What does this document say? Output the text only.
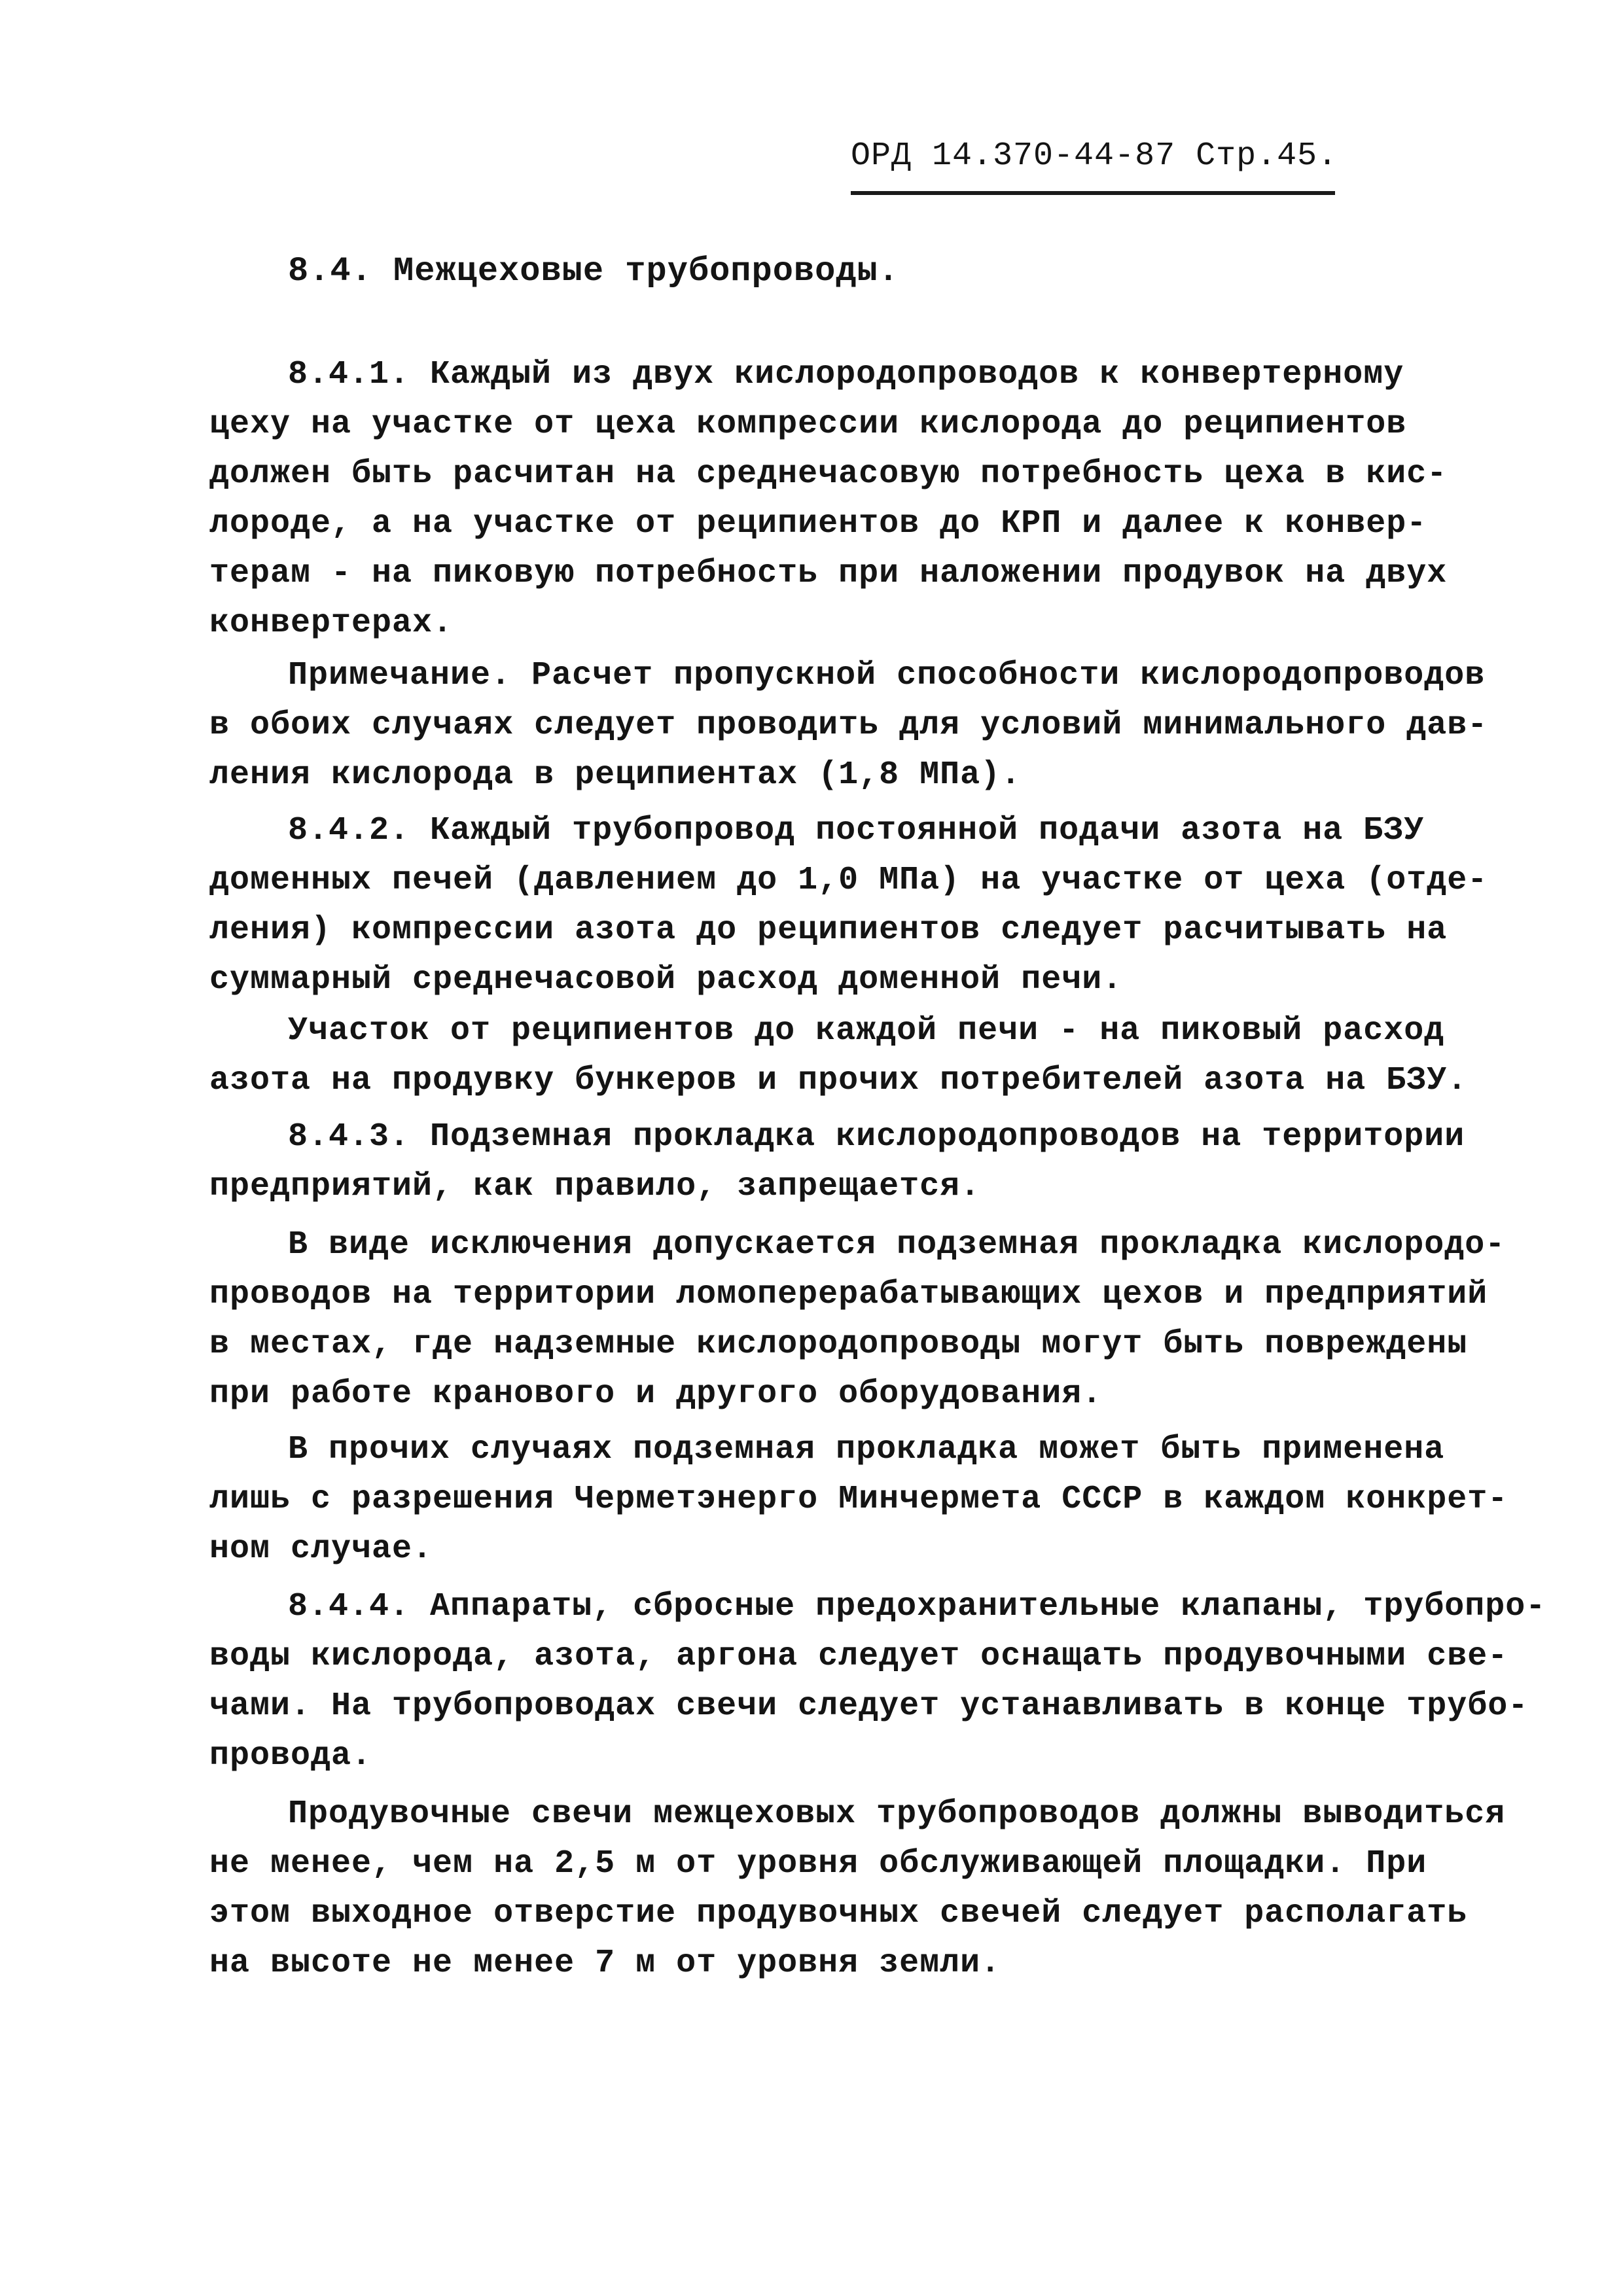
ОРД 14.370-44-87 Стр.45.
8.4. Межцеховые трубопроводы.

8.4.1. Каждый из двух кислородопроводов к конвертерному
цеху на участке от цеха компрессии кислорода до реципиентов
должен быть расчитан на среднечасовую потребность цеха в кис-
лороде, а на участке от реципиентов до КРП и далее к конвер-
терам - на пиковую потребность при наложении продувок на двух
конвертерах.

Примечание. Расчет пропускной способности кислородопроводов
в обоих случаях следует проводить для условий минимального дав-
ления кислорода в реципиентах (1,8 МПа).

8.4.2. Каждый трубопровод постоянной подачи азота на БЗУ
доменных печей (давлением до 1,0 МПа) на участке от цеха (отде-
ления) компрессии азота до реципиентов следует расчитывать на
суммарный среднечасовой расход доменной печи.

Участок от реципиентов до каждой печи - на пиковый расход
азота на продувку бункеров и прочих потребителей азота на БЗУ.

8.4.3. Подземная прокладка кислородопроводов на территории
предприятий, как правило, запрещается.

В виде исключения допускается подземная прокладка кислородо-
проводов на территории ломоперерабатывающих цехов и предприятий
в местах, где надземные кислородопроводы могут быть повреждены
при работе кранового и другого оборудования.

В прочих случаях подземная прокладка может быть применена
лишь с разрешения Черметэнерго Минчермета СССР в каждом конкрет-
ном случае.

8.4.4. Аппараты, сбросные предохранительные клапаны, трубопро-
воды кислорода, азота, аргона следует оснащать продувочными све-
чами. На трубопроводах свечи следует устанавливать в конце трубо-
провода.

Продувочные свечи межцеховых трубопроводов должны выводиться
не менее, чем на 2,5 м от уровня обслуживающей площадки. При
этом выходное отверстие продувочных свечей следует располагать
на высоте не менее 7 м от уровня земли.
